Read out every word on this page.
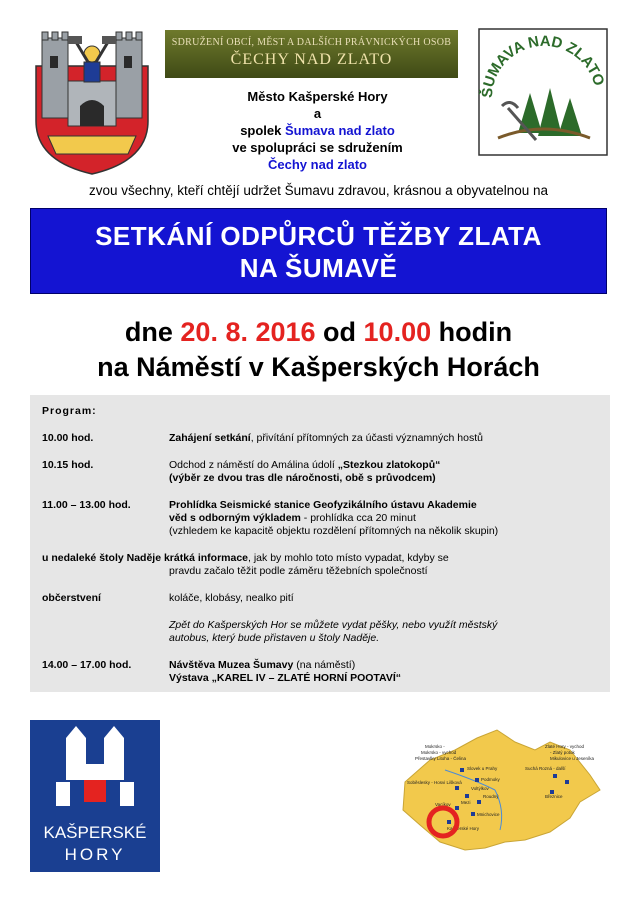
SDRUŽENÍ OBCÍ, MĚST A DALŠÍCH PRÁVNICKÝCH OSOB
ČECHY NAD ZLATO
Město Kašperské Hory
a
spolek Šumava nad zlato
ve spolupráci se sdružením
Čechy nad zlato
ŠUMAVA NAD ZLATO
zvou všechny, kteří chtějí udržet Šumavu zdravou, krásnou a obyvatelnou na
SETKÁNÍ ODPŮRCŮ TĚŽBY ZLATA
NA ŠUMAVĚ
dne 20. 8. 2016 od 10.00 hodin
na Náměstí v Kašperských Horách
Program:
10.00 hod.	Zahájení setkání, přivítání přítomných za účasti významných hostů
10.15 hod.	Odchod z náměstí do Amálina údolí „Stezkou zlatokopů“
(výběr ze dvou tras dle náročnosti, obě s průvodcem)
11.00 – 13.00 hod.	Prohlídka Seismické stanice Geofyzikálního ústavu Akademie
věd s odborným výkladem - prohlídka cca 20 minut
(vzhledem ke kapacitě objektu rozdělení přítomných na několik skupin)
u nedaleké štoly Naděje krátká informace, jak by mohlo toto místo vypadat, kdyby se
pravdu začalo těžit podle záměru těžebních společností
občerstvení	koláče, klobásy, nealko pití
Zpět do Kašperských Hor se můžete vydat pěšky, nebo využít městský
autobus, který bude přistaven u štoly Naděje.
14.00 – 17.00 hod.	Návštěva Muzea Šumavy (na náměstí)
Výstava „KAREL IV – ZLATÉ HORNÍ POOTAVÍ“
KAŠPERSKÉ
HORY
Zlaté Hory - vychod
- Zlatý potok
Mikulovice u Jeseníka
Mokrsko -
Mokrsko - vychod
Přestavlky Litoha - Čelina
Slovek u Prahy
Podmoky
Suchá Rozná - další
Soběslesky - Hosvi Lišková
Voltýlkov
Roudný
Mezi
Vacíkov
Březnice
Mnichovice
Kašperské Hory
